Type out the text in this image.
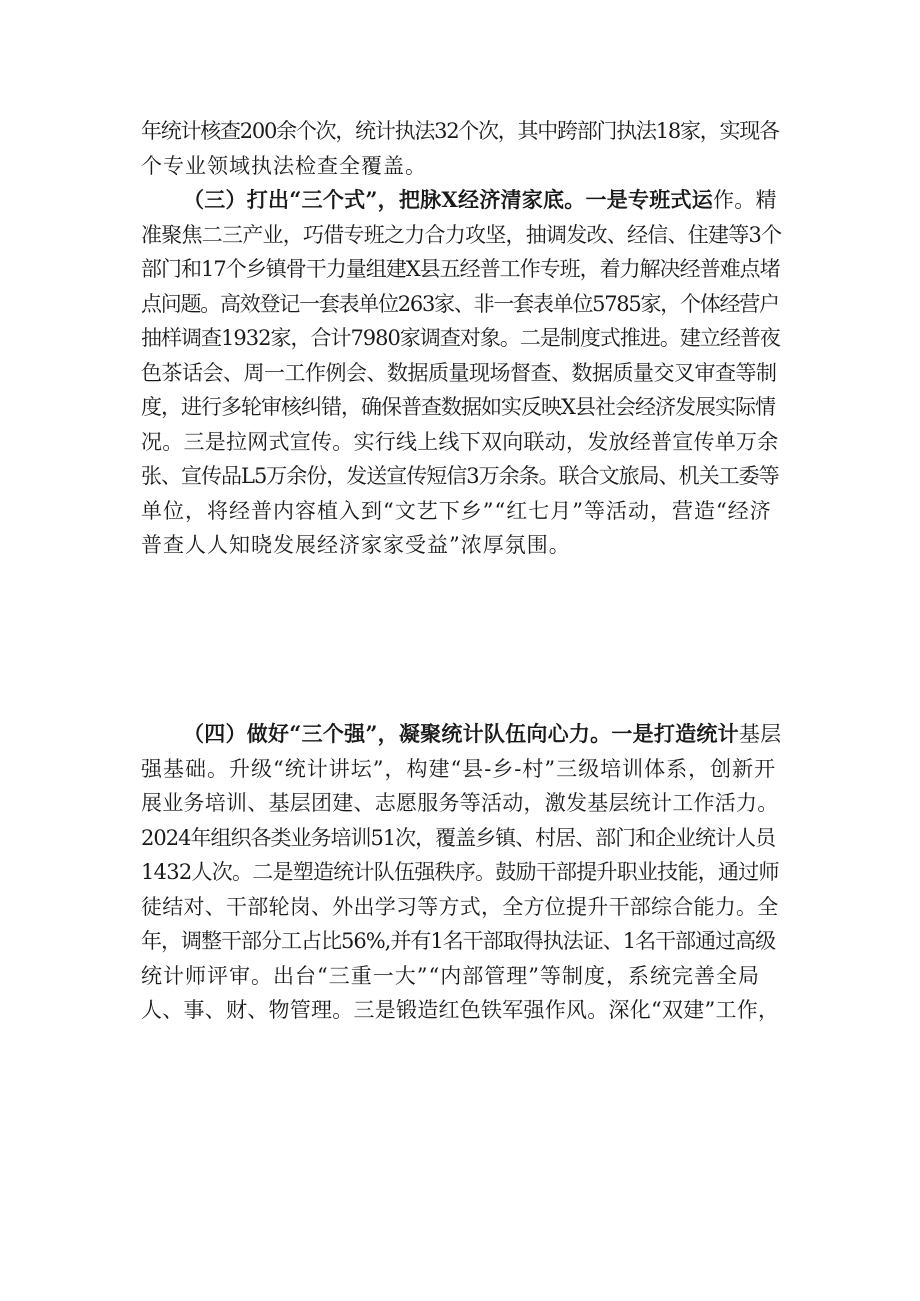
年统计核查200余个次，统计执法32个次，其中跨部门执法18家，实现各
个专业领域执法检查全覆盖。
（三）打出“三个式”，把脉X经济清家底。一是专班式运作。精
准聚焦二三产业，巧借专班之力合力攻坚，抽调发改、经信、住建等3个
部门和17个乡镇骨干力量组建X县五经普工作专班，着力解决经普难点堵
点问题。高效登记一套表单位263家、非一套表单位5785家，个体经营户
抽样调查1932家，合计7980家调查对象。二是制度式推进。建立经普夜
色茶话会、周一工作例会、数据质量现场督查、数据质量交叉审查等制
度，进行多轮审核纠错，确保普查数据如实反映X县社会经济发展实际情
况。三是拉网式宣传。实行线上线下双向联动，发放经普宣传单万余
张、宣传品L5万余份，发送宣传短信3万余条。联合文旅局、机关工委等
单位，将经普内容植入到“文艺下乡”“红七月”等活动，营造“经济
普查人人知晓发展经济家家受益”浓厚氛围。
（四）做好“三个强”，凝聚统计队伍向心力。一是打造统计基层
强基础。升级“统计讲坛”，构建“县-乡-村”三级培训体系，创新开
展业务培训、基层团建、志愿服务等活动，激发基层统计工作活力。
2024年组织各类业务培训51次，覆盖乡镇、村居、部门和企业统计人员
1432人次。二是塑造统计队伍强秩序。鼓励干部提升职业技能，通过师
徒结对、干部轮岗、外出学习等方式，全方位提升干部综合能力。全
年，调整干部分工占比56%,并有1名干部取得执法证、1名干部通过高级
统计师评审。出台“三重一大”“内部管理”等制度，系统完善全局
人、事、财、物管理。三是锻造红色铁军强作风。深化“双建”工作，
